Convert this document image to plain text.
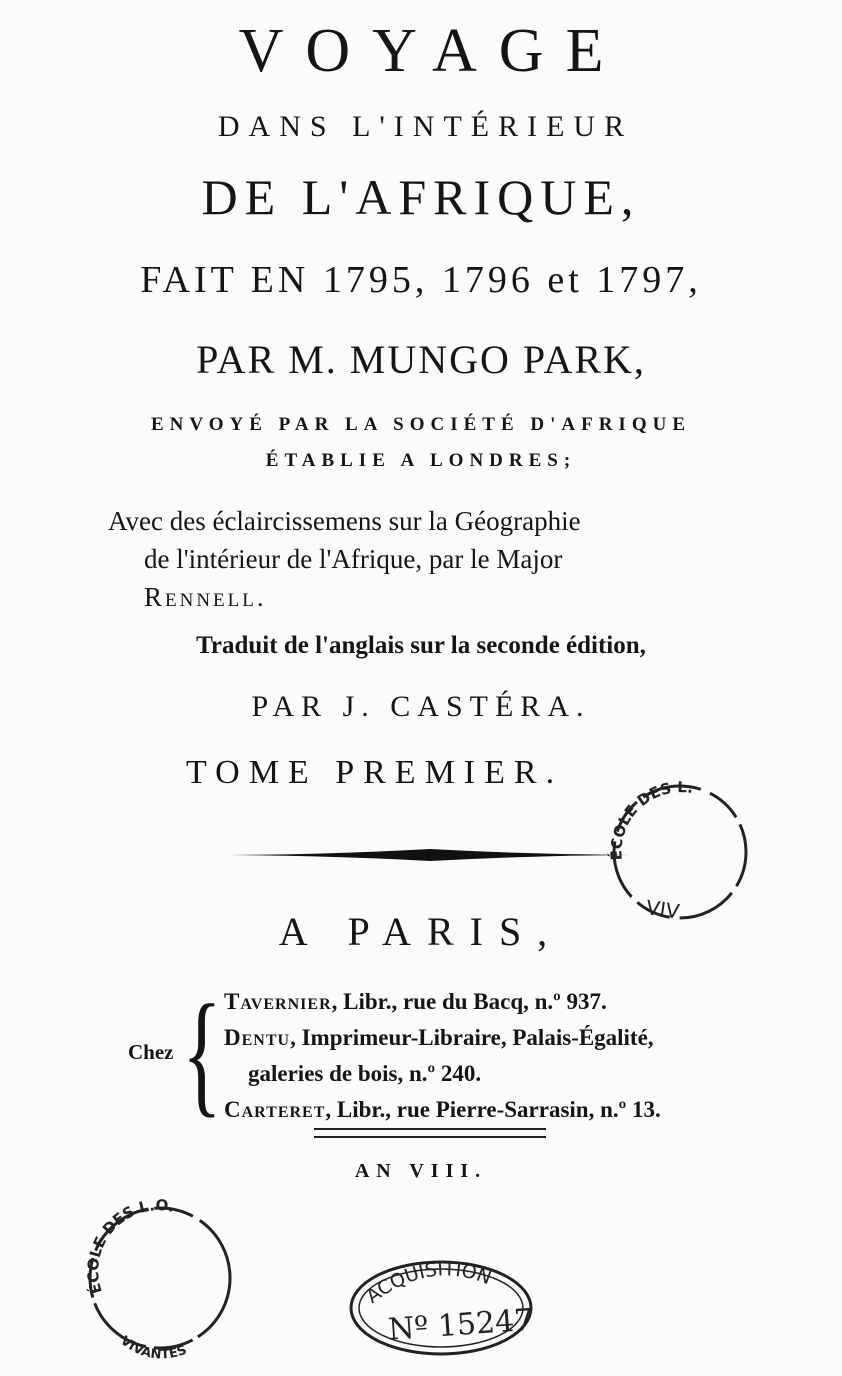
VOYAGE
DANS L'INTÉRIEUR
DE L'AFRIQUE,
FAIT EN 1795, 1796 et 1797,
PAR M. MUNGO PARK,
ENVOYÉ PAR LA SOCIÉTÉ D'AFRIQUE
ÉTABLIE A LONDRES;
Avec des éclaircissemens sur la Géographie
de l'intérieur de l'Afrique, par le Major
Rennell.
Traduit de l'anglais sur la seconde édition,
PAR J. CASTÉRA.
TOME PREMIER.
A PARIS,
Chez { Tavernier, Libr., rue du Bacq, n.º 937.
Dentu, Imprimeur-Libraire, Palais-Égalité,
galeries de bois, n.º 240.
Carteret, Libr., rue Pierre-Sarrasin, n.º 13.
AN VIII.
ÉCOLE DES L.
VIV
ÉCOLE DES L.O.
VIVANTES
ACQUISITION
Nº 15247
